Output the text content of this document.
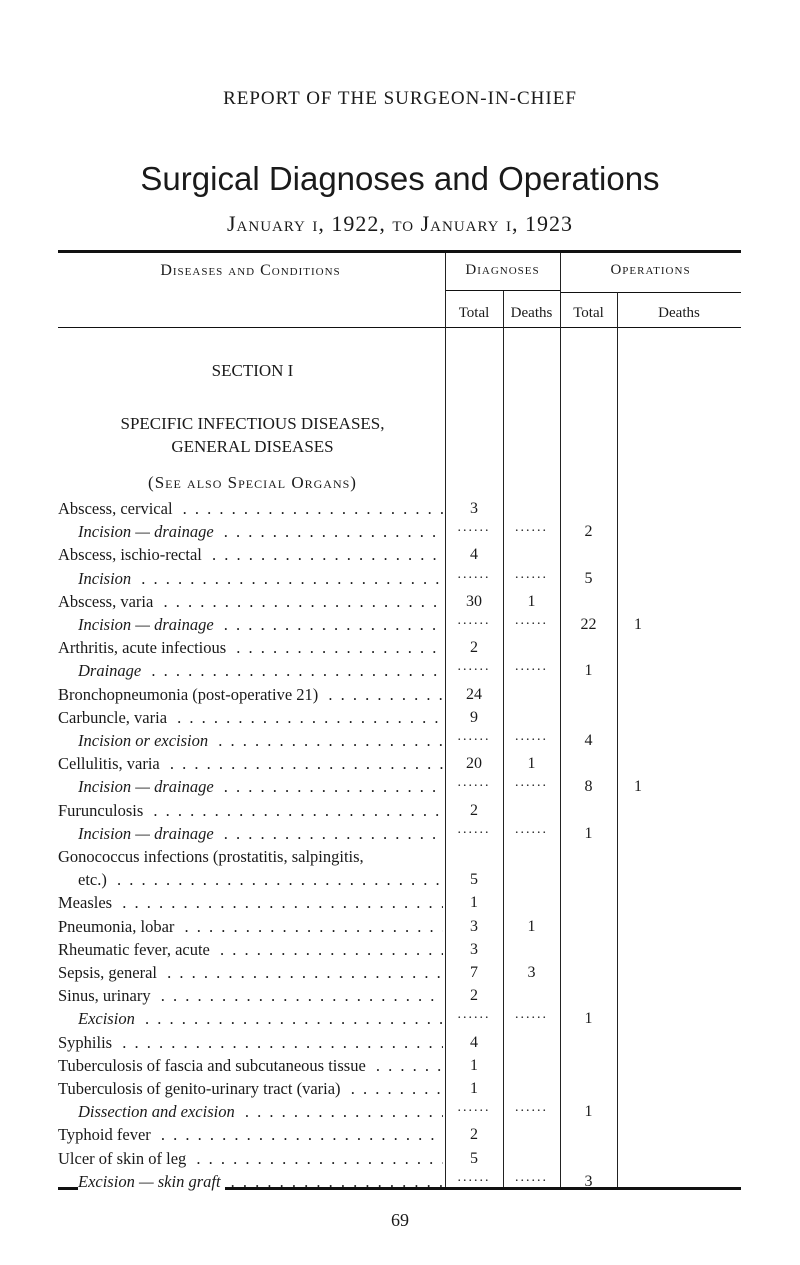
REPORT OF THE SURGEON-IN-CHIEF
Surgical Diagnoses and Operations
January i, 1922, to January i, 1923
Diseases and Conditions	Diagnoses	Operations
Total	Deaths	Total	Deaths
SECTION I
SPECIFIC INFECTIOUS DISEASES,
GENERAL DISEASES
(See also Special Organs)
Abscess, cervical . . .	3
Incision — drainage . . .	......	......	2
Abscess, ischio-rectal . . .	4
Incision . . .	......	......	5
Abscess, varia . . .	30	1
Incision — drainage . . .	......	......	22	1
Arthritis, acute infectious . . .	2
Drainage . . .	......	......	1
Bronchopneumonia (post-operative 21) . . .	24
Carbuncle, varia . . .	9
Incision or excision . . .	......	......	4
Cellulitis, varia . . .	20	1
Incision — drainage . . .	......	......	8	1
Furunculosis . . .	2
Incision — drainage . . .	......	......	1
Gonococcus infections (prostatitis, salpingitis,
etc.) . . .	5
Measles . . .	1
Pneumonia, lobar . . .	3	1
Rheumatic fever, acute . . .	3
Sepsis, general . . .	7	3
Sinus, urinary . . .	2
Excision . . .	......	......	1
Syphilis . . .	4
Tuberculosis of fascia and subcutaneous tissue . . .	1
Tuberculosis of genito-urinary tract (varia) . . .	1
Dissection and excision . . .	......	......	1
Typhoid fever . . .	2
Ulcer of skin of leg . . .	5
Excision — skin graft . . .	......	......	3
69
